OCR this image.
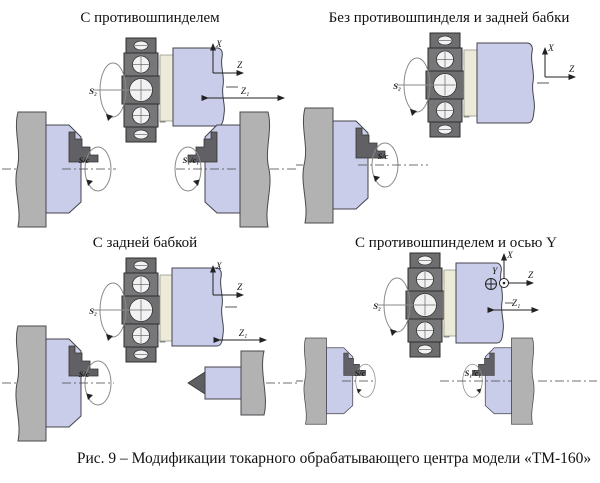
С противошпинделем
S₂
X
Z
Z₁
S/c	S₁/c₁
Без противошпинделя и задней бабки
S₂
X
Z
S/c
С задней бабкой
S₂
X
Z
Z₁
S/c
С противошпинделем и осью Y
S₂
X
Y	Z
Z₁
S/c	S₁/c₁
Рис. 9 – Модификации токарного обрабатывающего центра модели «ТМ-160»
